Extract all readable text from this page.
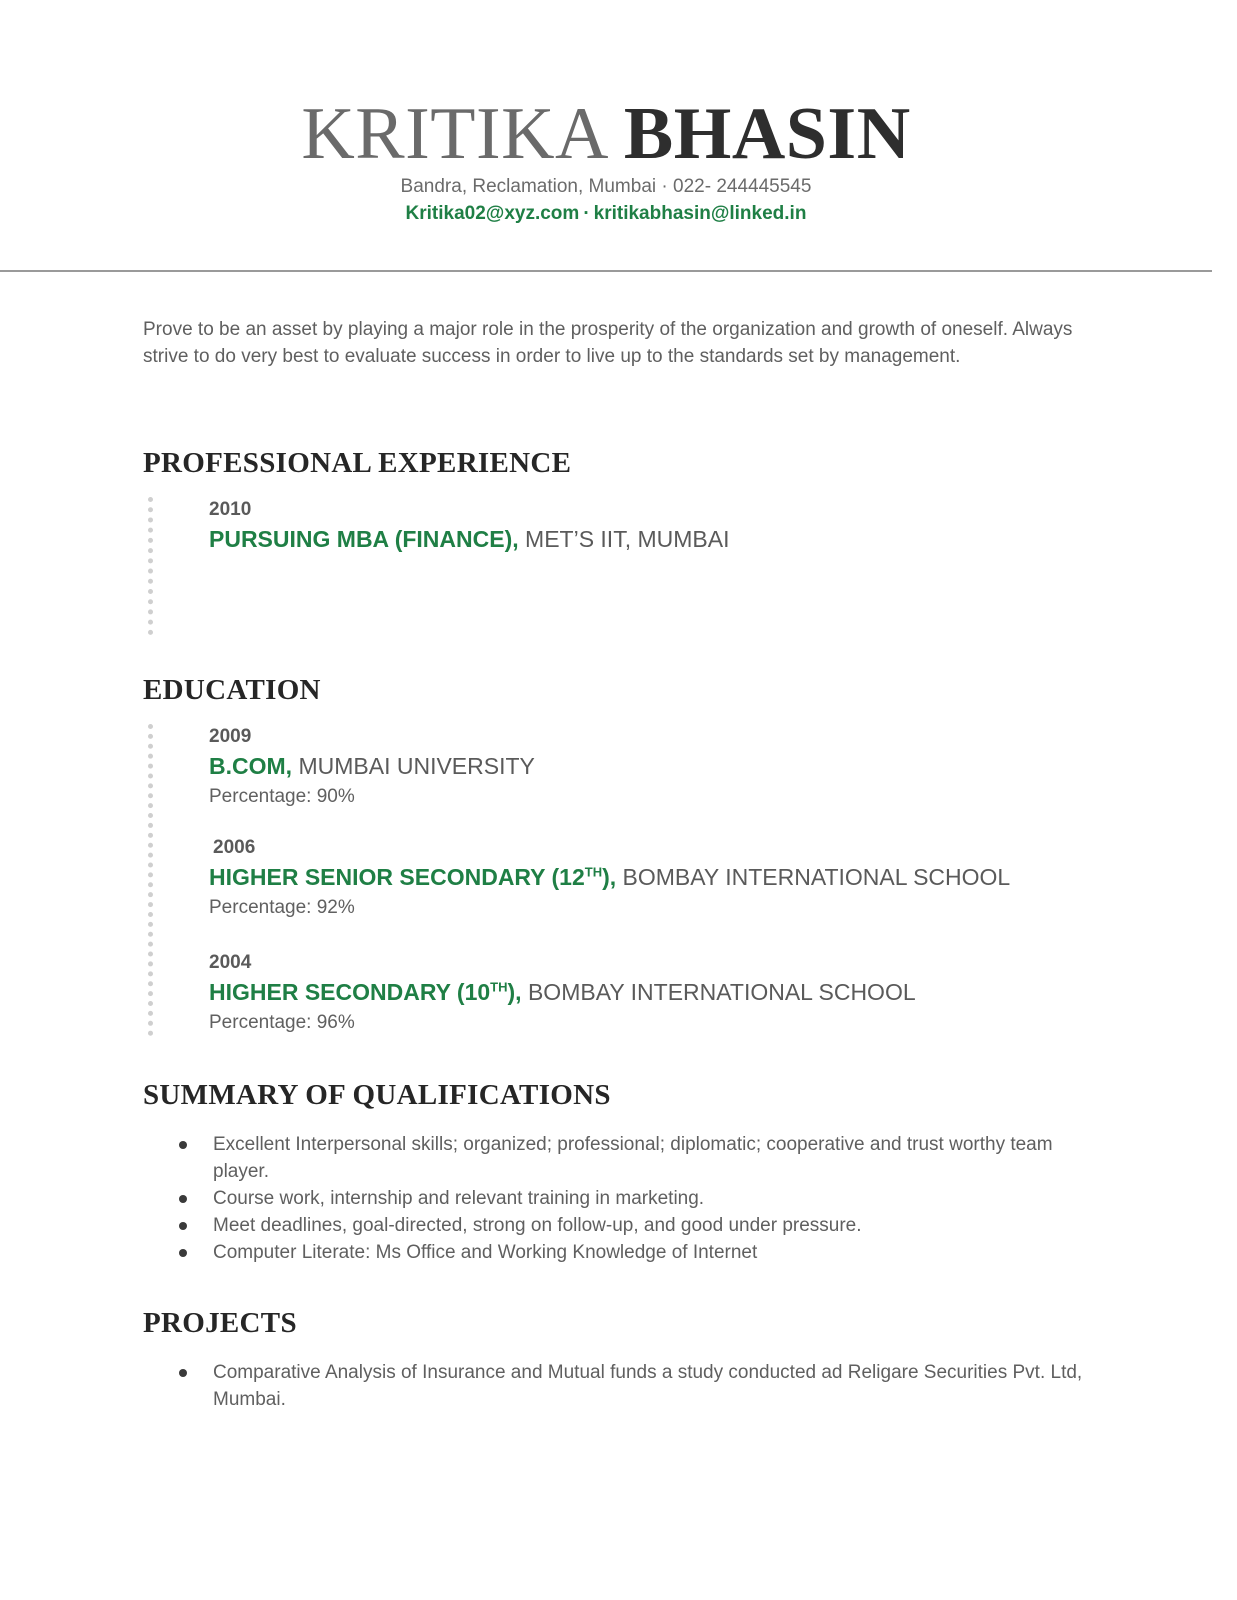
KRITIKA BHASIN
Bandra, Reclamation, Mumbai · 022- 244445545
Kritika02@xyz.com · kritikabhasin@linked.in
Prove to be an asset by playing a major role in the prosperity of the organization and growth of oneself. Always strive to do very best to evaluate success in order to live up to the standards set by management.
PROFESSIONAL EXPERIENCE
2010
PURSUING MBA (FINANCE), MET’S IIT, MUMBAI
EDUCATION
2009
B.COM, MUMBAI UNIVERSITY
Percentage: 90%
2006
HIGHER SENIOR SECONDARY (12TH), BOMBAY INTERNATIONAL SCHOOL
Percentage: 92%
2004
HIGHER SECONDARY (10TH), BOMBAY INTERNATIONAL SCHOOL
Percentage: 96%
SUMMARY OF QUALIFICATIONS
Excellent Interpersonal skills; organized; professional; diplomatic; cooperative and trust worthy team player.
Course work, internship and relevant training in marketing.
Meet deadlines, goal-directed, strong on follow-up, and good under pressure.
Computer Literate: Ms Office and Working Knowledge of Internet
PROJECTS
Comparative Analysis of Insurance and Mutual funds a study conducted ad Religare Securities Pvt. Ltd, Mumbai.
